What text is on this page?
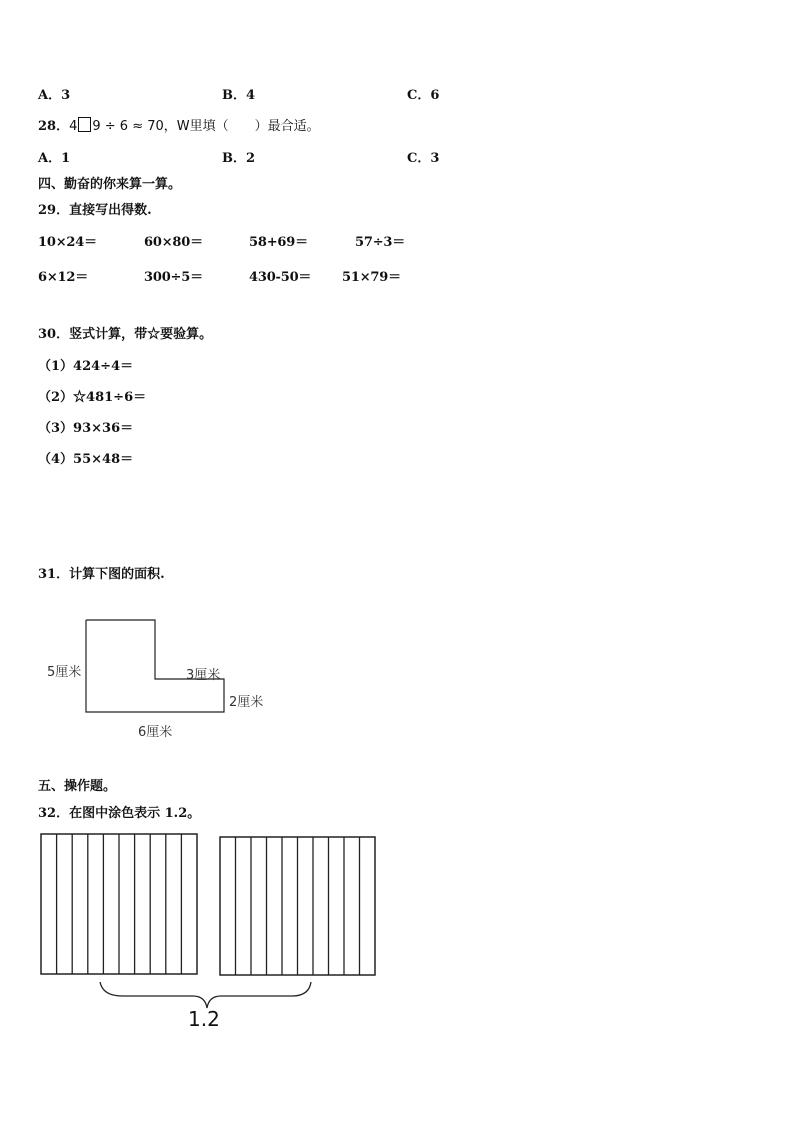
A．3	B．4	C．6
28．4 9 ÷ 6 ≈ 70，W里填（　　）最合适。
A．1	B．2	C．3
四、勤奋的你来算一算。
29．直接写出得数.
10×24＝	60×80＝	58+69＝	57÷3＝
6×12＝	300÷5＝	430-50＝ 51×79＝
30．竖式计算，带☆要验算。
（1）424÷4＝
（2）☆481÷6＝
（3）93×36＝
（4）55×48＝
31．计算下图的面积.
5厘米	3厘米
2厘米
6厘米
五、操作题。
32．在图中涂色表示 1.2。
1.2
